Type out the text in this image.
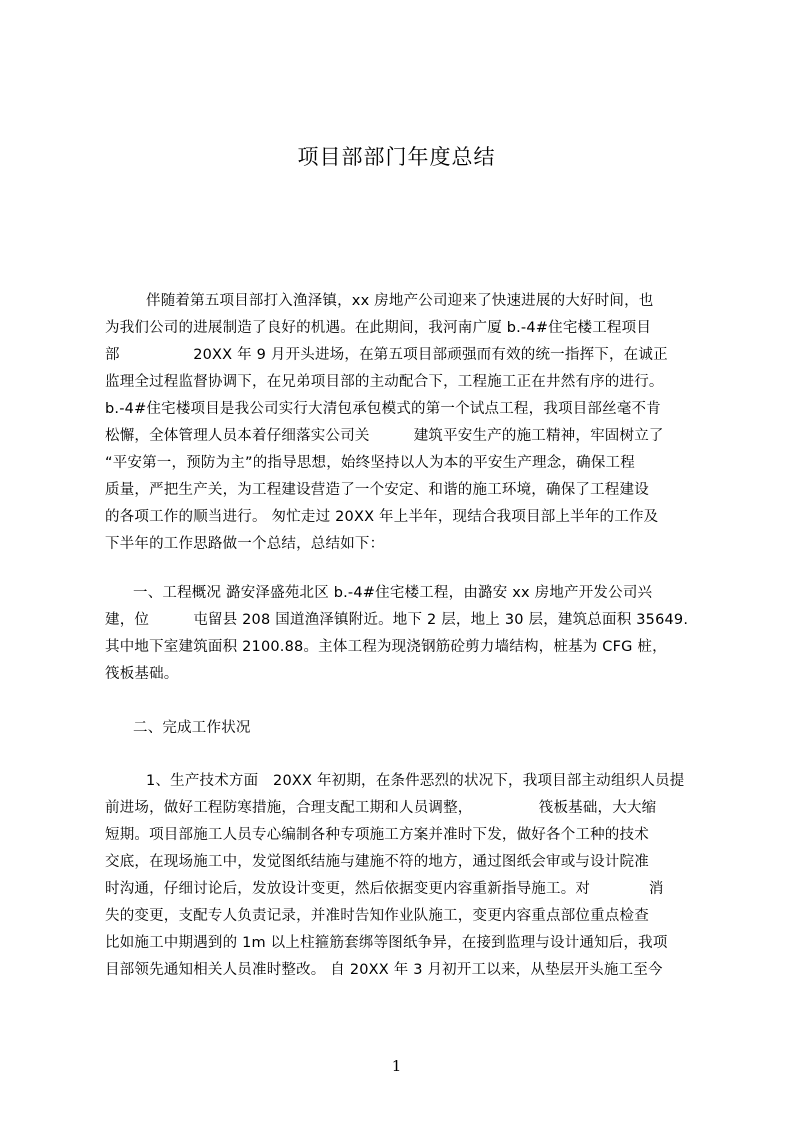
项目部部门年度总结
伴随着第五项目部打入渔泽镇，xx 房地产公司迎来了快速进展的大好时间，也
为我们公司的进展制造了良好的机遇。在此期间，我河南广厦 b.-4#住宅楼工程项目
部　　　　　20XX 年 9 月开头进场，在第五项目部顽强而有效的统一指挥下，在诚正
监理全过程监督协调下，在兄弟项目部的主动配合下，工程施工正在井然有序的进行。
b.-4#住宅楼项目是我公司实行大清包承包模式的第一个试点工程，我项目部丝毫不肯
松懈，全体管理人员本着仔细落实公司关　　　建筑平安生产的施工精神，牢固树立了
“平安第一，预防为主”的指导思想，始终坚持以人为本的平安生产理念，确保工程
质量，严把生产关，为工程建设营造了一个安定、和谐的施工环境，确保了工程建设
的各项工作的顺当进行。 匆忙走过 20XX 年上半年，现结合我项目部上半年的工作及
下半年的工作思路做一个总结，总结如下：
一、工程概况 潞安泽盛苑北区 b.-4#住宅楼工程，由潞安 xx 房地产开发公司兴
建，位　　　屯留县 208 国道渔泽镇附近。地下 2 层，地上 30 层，建筑总面积 35649.
其中地下室建筑面积 2100.88。主体工程为现浇钢筋砼剪力墙结构，桩基为 CFG 桩，
筏板基础。
二、完成工作状况
1、生产技术方面　20XX 年初期，在条件恶烈的状况下，我项目部主动组织人员提
前进场，做好工程防寒措施，合理支配工期和人员调整，　　　　　筏板基础，大大缩
短期。项目部施工人员专心编制各种专项施工方案并准时下发，做好各个工种的技术
交底，在现场施工中，发觉图纸结施与建施不符的地方，通过图纸会审或与设计院准
时沟通，仔细讨论后，发放设计变更，然后依据变更内容重新指导施工。对　　　　消
失的变更，支配专人负责记录，并准时告知作业队施工，变更内容重点部位重点检查
比如施工中期遇到的 1m 以上柱箍筋套绑等图纸争异，在接到监理与设计通知后，我项
目部领先通知相关人员准时整改。 自 20XX 年 3 月初开工以来，从垫层开头施工至今
1
